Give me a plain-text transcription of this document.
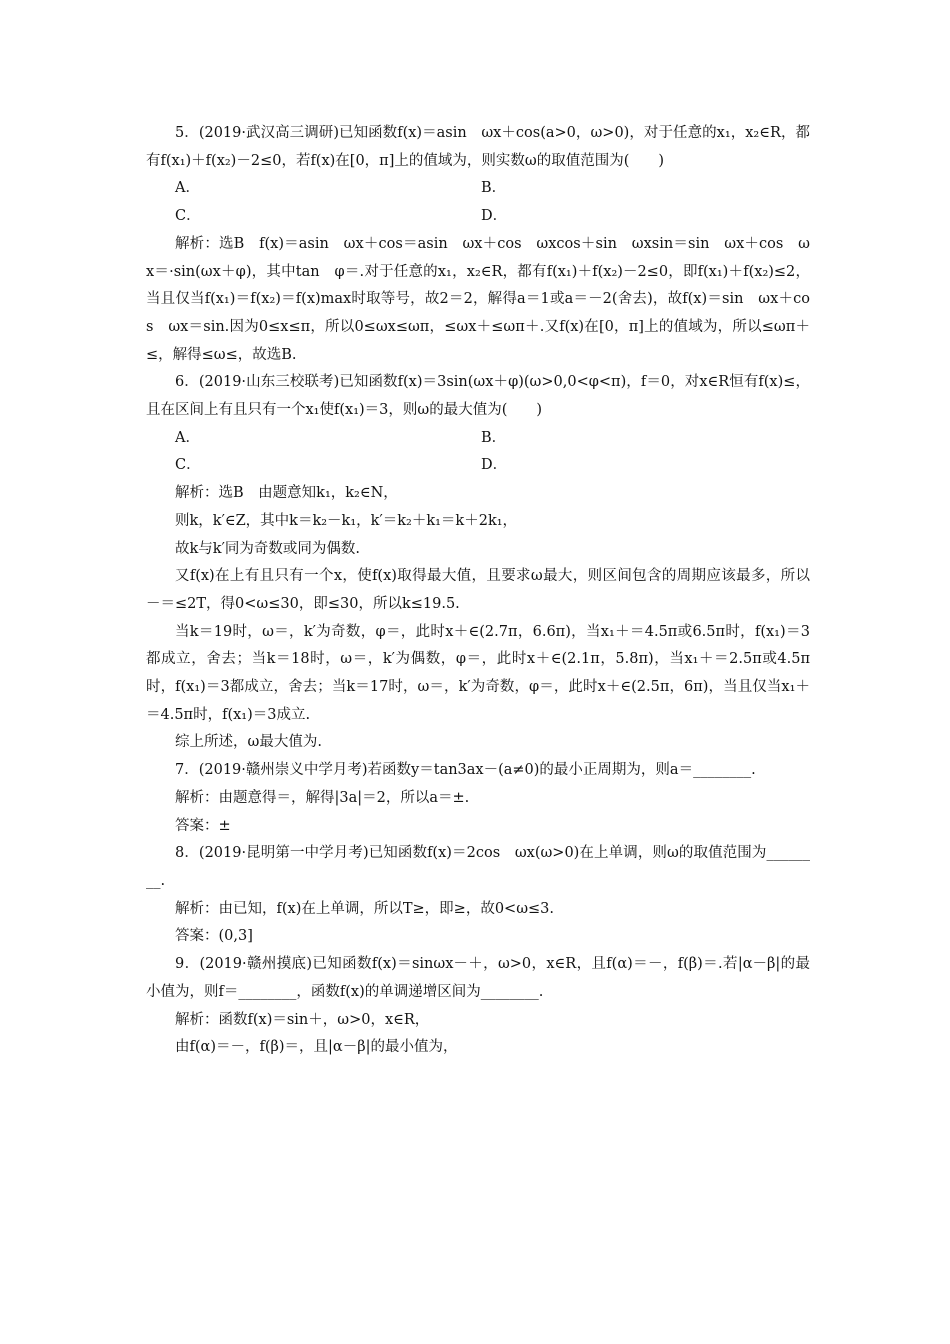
5．(2019·武汉高三调研)已知函数f(x)＝asin　ωx＋cos(a>0，ω>0)，对于任意的x₁，x₂∈R，都有f(x₁)＋f(x₂)－2≤0，若f(x)在[0，π]上的值域为，则实数ω的取值范围为(　　)

A．	B．
C．	D．

解析：选B　f(x)＝asin　ωx＋cos＝asin　ωx＋cos　ωxcos＋sin　ωxsin＝sin　ωx＋cos　ωx＝·sin(ωx＋φ)，其中tan　φ＝.对于任意的x₁，x₂∈R，都有f(x₁)＋f(x₂)－2≤0，即f(x₁)＋f(x₂)≤2，当且仅当f(x₁)＝f(x₂)＝f(x)max时取等号，故2＝2，解得a＝1或a＝－2(舍去)，故f(x)＝sin　ωx＋cos　ωx＝sin.因为0≤x≤π，所以0≤ωx≤ωπ，≤ωx＋≤ωπ＋.又f(x)在[0，π]上的值域为，所以≤ωπ＋≤，解得≤ω≤，故选B.

6．(2019·山东三校联考)已知函数f(x)＝3sin(ωx＋φ)(ω>0,0<φ<π)，f＝0，对x∈R恒有f(x)≤，且在区间上有且只有一个x₁使f(x₁)＝3，则ω的最大值为(　　)

A．	B．
C．	D．

解析：选B　由题意知k₁，k₂∈N，

则k，k′∈Z，其中k＝k₂－k₁，k′＝k₂＋k₁＝k＋2k₁，

故k与k′同为奇数或同为偶数.

又f(x)在上有且只有一个x，使f(x)取得最大值，且要求ω最大，则区间包含的周期应该最多，所以－＝≤2T，得0<ω≤30，即≤30，所以k≤19.5.

当k＝19时，ω＝，k′为奇数，φ＝，此时x＋∈(2.7π，6.6π)，当x₁＋＝4.5π或6.5π时，f(x₁)＝3都成立，舍去；当k＝18时，ω＝，k′为偶数，φ＝，此时x＋∈(2.1π，5.8π)，当x₁＋＝2.5π或4.5π时，f(x₁)＝3都成立，舍去；当k＝17时，ω＝，k′为奇数，φ＝，此时x＋∈(2.5π，6π)，当且仅当x₁＋＝4.5π时，f(x₁)＝3成立.

综上所述，ω最大值为.

7．(2019·赣州崇义中学月考)若函数y＝tan3ax－(a≠0)的最小正周期为，则a＝________.

解析：由题意得＝，解得|3a|＝2，所以a＝±.

答案：±

8．(2019·昆明第一中学月考)已知函数f(x)＝2cos　ωx(ω>0)在上单调，则ω的取值范围为________.

解析：由已知，f(x)在上单调，所以T≥，即≥，故0<ω≤3.

答案：(0,3]

9．(2019·赣州摸底)已知函数f(x)＝sinωx－＋，ω>0，x∈R，且f(α)＝－，f(β)＝.若|α－β|的最小值为，则f＝________，函数f(x)的单调递增区间为________.

解析：函数f(x)＝sin＋，ω>0，x∈R，

由f(α)＝－，f(β)＝，且|α－β|的最小值为，
